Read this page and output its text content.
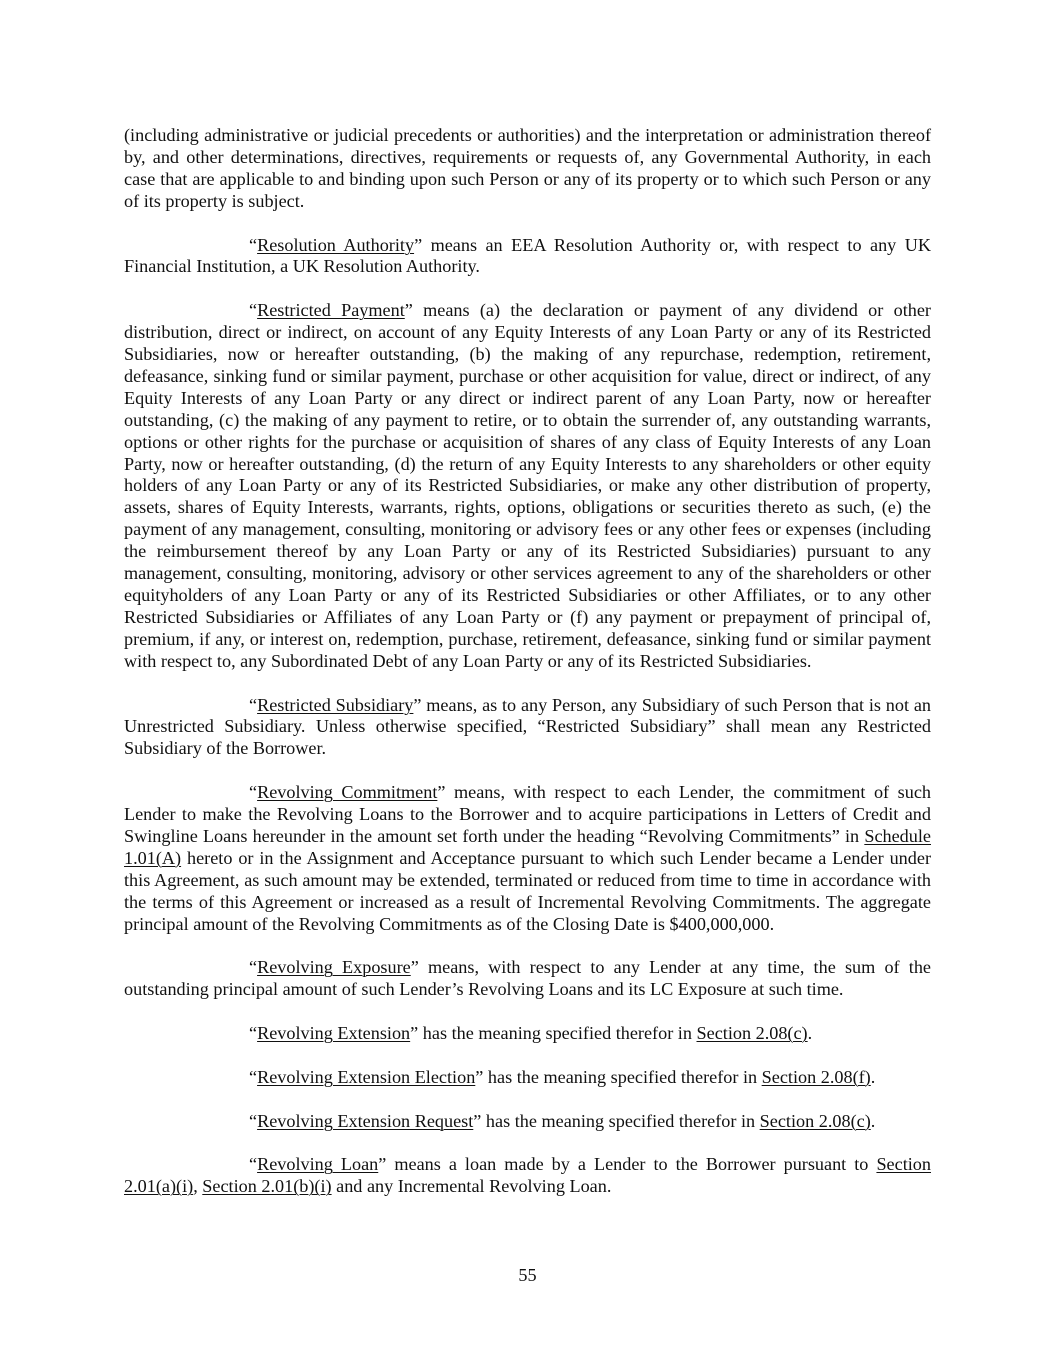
(including administrative or judicial precedents or authorities) and the interpretation or administration thereof by, and other determinations, directives, requirements or requests of, any Governmental Authority, in each case that are applicable to and binding upon such Person or any of its property or to which such Person or any of its property is subject.

“Resolution Authority” means an EEA Resolution Authority or, with respect to any UK Financial Institution, a UK Resolution Authority.

“Restricted Payment” means (a) the declaration or payment of any dividend or other distribution, direct or indirect, on account of any Equity Interests of any Loan Party or any of its Restricted Subsidiaries, now or hereafter outstanding, (b) the making of any repurchase, redemption, retirement, defeasance, sinking fund or similar payment, purchase or other acquisition for value, direct or indirect, of any Equity Interests of any Loan Party or any direct or indirect parent of any Loan Party, now or hereafter outstanding, (c) the making of any payment to retire, or to obtain the surrender of, any outstanding warrants, options or other rights for the purchase or acquisition of shares of any class of Equity Interests of any Loan Party, now or hereafter outstanding, (d) the return of any Equity Interests to any shareholders or other equity holders of any Loan Party or any of its Restricted Subsidiaries, or make any other distribution of property, assets, shares of Equity Interests, warrants, rights, options, obligations or securities thereto as such, (e) the payment of any management, consulting, monitoring or advisory fees or any other fees or expenses (including the reimbursement thereof by any Loan Party or any of its Restricted Subsidiaries) pursuant to any management, consulting, monitoring, advisory or other services agreement to any of the shareholders or other equityholders of any Loan Party or any of its Restricted Subsidiaries or other Affiliates, or to any other Restricted Subsidiaries or Affiliates of any Loan Party or (f) any payment or prepayment of principal of, premium, if any, or interest on, redemption, purchase, retirement, defeasance, sinking fund or similar payment with respect to, any Subordinated Debt of any Loan Party or any of its Restricted Subsidiaries.

“Restricted Subsidiary” means, as to any Person, any Subsidiary of such Person that is not an Unrestricted Subsidiary. Unless otherwise specified, “Restricted Subsidiary” shall mean any Restricted Subsidiary of the Borrower.

“Revolving Commitment” means, with respect to each Lender, the commitment of such Lender to make the Revolving Loans to the Borrower and to acquire participations in Letters of Credit and Swingline Loans hereunder in the amount set forth under the heading “Revolving Commitments” in Schedule 1.01(A) hereto or in the Assignment and Acceptance pursuant to which such Lender became a Lender under this Agreement, as such amount may be extended, terminated or reduced from time to time in accordance with the terms of this Agreement or increased as a result of Incremental Revolving Commitments. The aggregate principal amount of the Revolving Commitments as of the Closing Date is $400,000,000.

“Revolving Exposure” means, with respect to any Lender at any time, the sum of the outstanding principal amount of such Lender’s Revolving Loans and its LC Exposure at such time.

“Revolving Extension” has the meaning specified therefor in Section 2.08(c).

“Revolving Extension Election” has the meaning specified therefor in Section 2.08(f).

“Revolving Extension Request” has the meaning specified therefor in Section 2.08(c).

“Revolving Loan” means a loan made by a Lender to the Borrower pursuant to Section 2.01(a)(i), Section 2.01(b)(i) and any Incremental Revolving Loan.

55
